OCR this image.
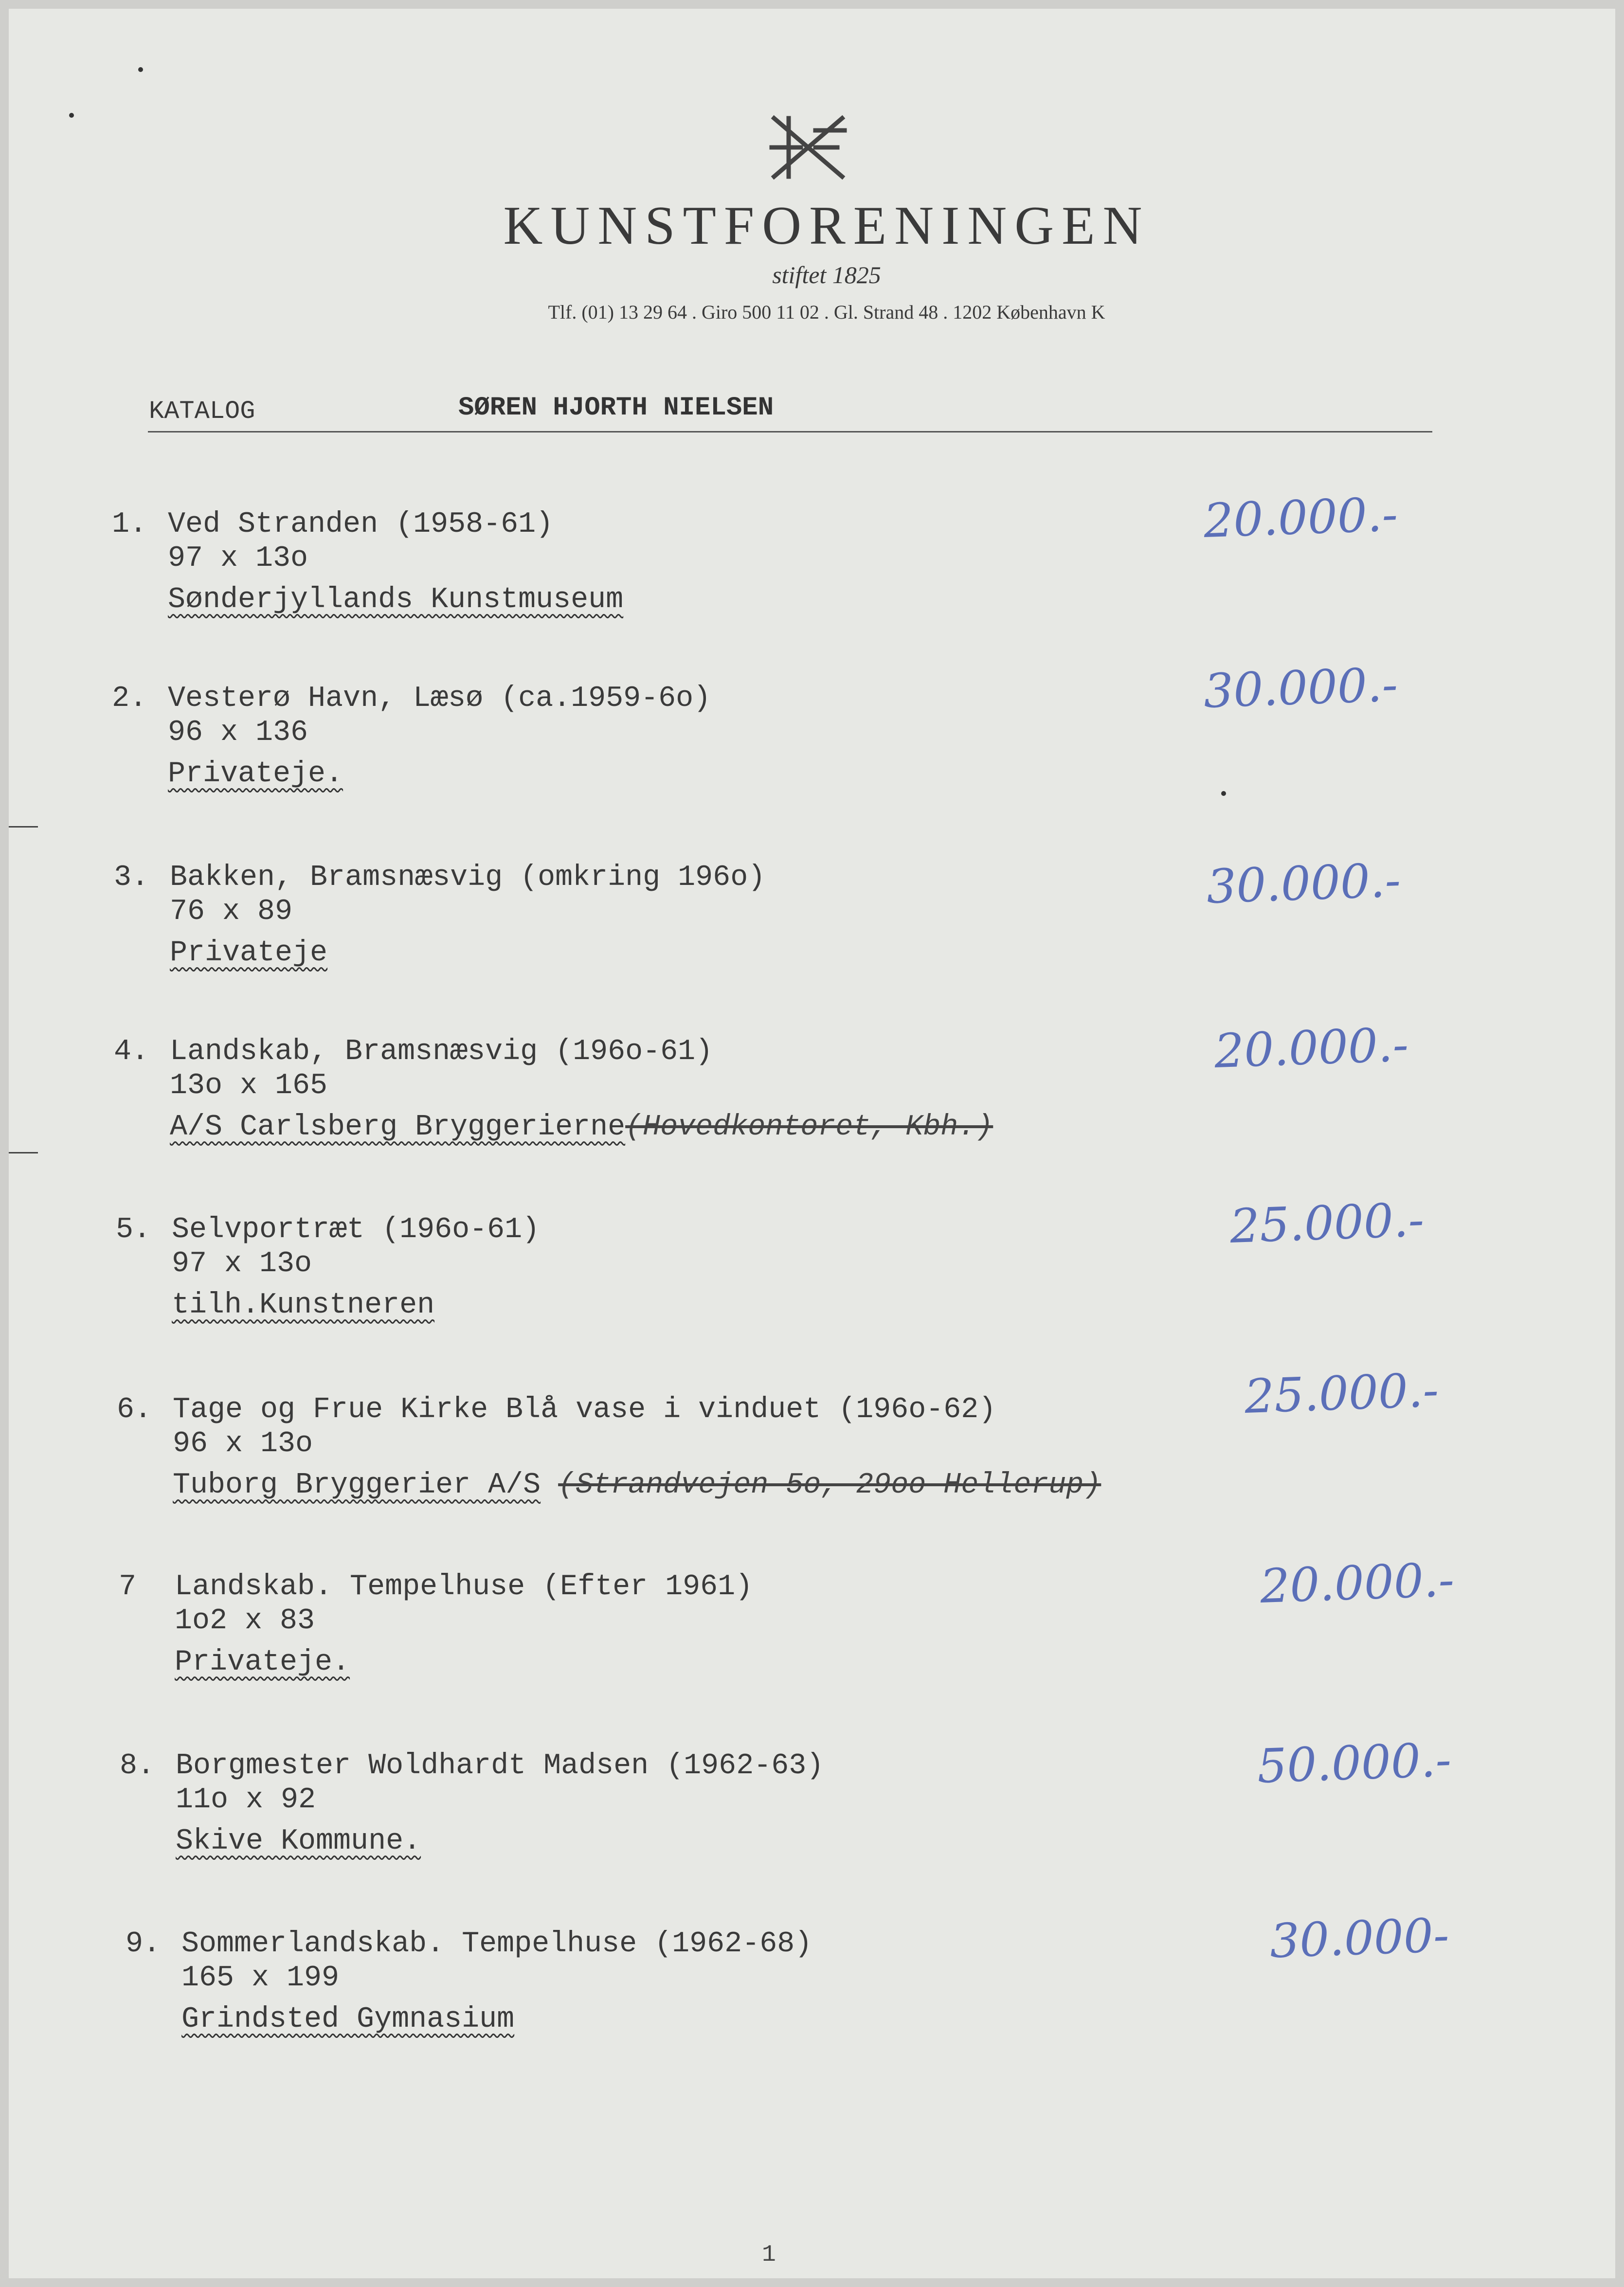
KUNSTFORENINGEN
stiftet 1825
Tlf. (01) 13 29 64 . Giro 500 11 02 . Gl. Strand 48 . 1202 København K
KATALOG	SØREN HJORTH NIELSEN
1. Ved Stranden (1958-61)
97 x 13o
Sønderjyllands Kunstmuseum
20.000.-
2. Vesterø Havn, Læsø (ca.1959-6o)
96 x 136
Privateje.
30.000.-
3. Bakken, Bramsnæsvig (omkring 196o)
76 x 89
Privateje
30.000.-
4. Landskab, Bramsnæsvig (196o-61)
13o x 165
A/S Carlsberg Bryggerierne(Hovedkontoret, Kbh.)
20.000.-
5. Selvportræt (196o-61)
97 x 13o
tilh.Kunstneren
25.000.-
6. Tage og Frue Kirke Blå vase i vinduet (196o-62)
96 x 13o
Tuborg Bryggerier A/S (Strandvejen 5o, 29oo Hellerup)
25.000.-
7 Landskab. Tempelhuse (Efter 1961)
1o2 x 83
Privateje.
20.000.-
8. Borgmester Woldhardt Madsen (1962-63)
11o x 92
Skive Kommune.
50.000.-
9. Sommerlandskab. Tempelhuse (1962-68)
165 x 199
Grindsted Gymnasium
30.000-
1
